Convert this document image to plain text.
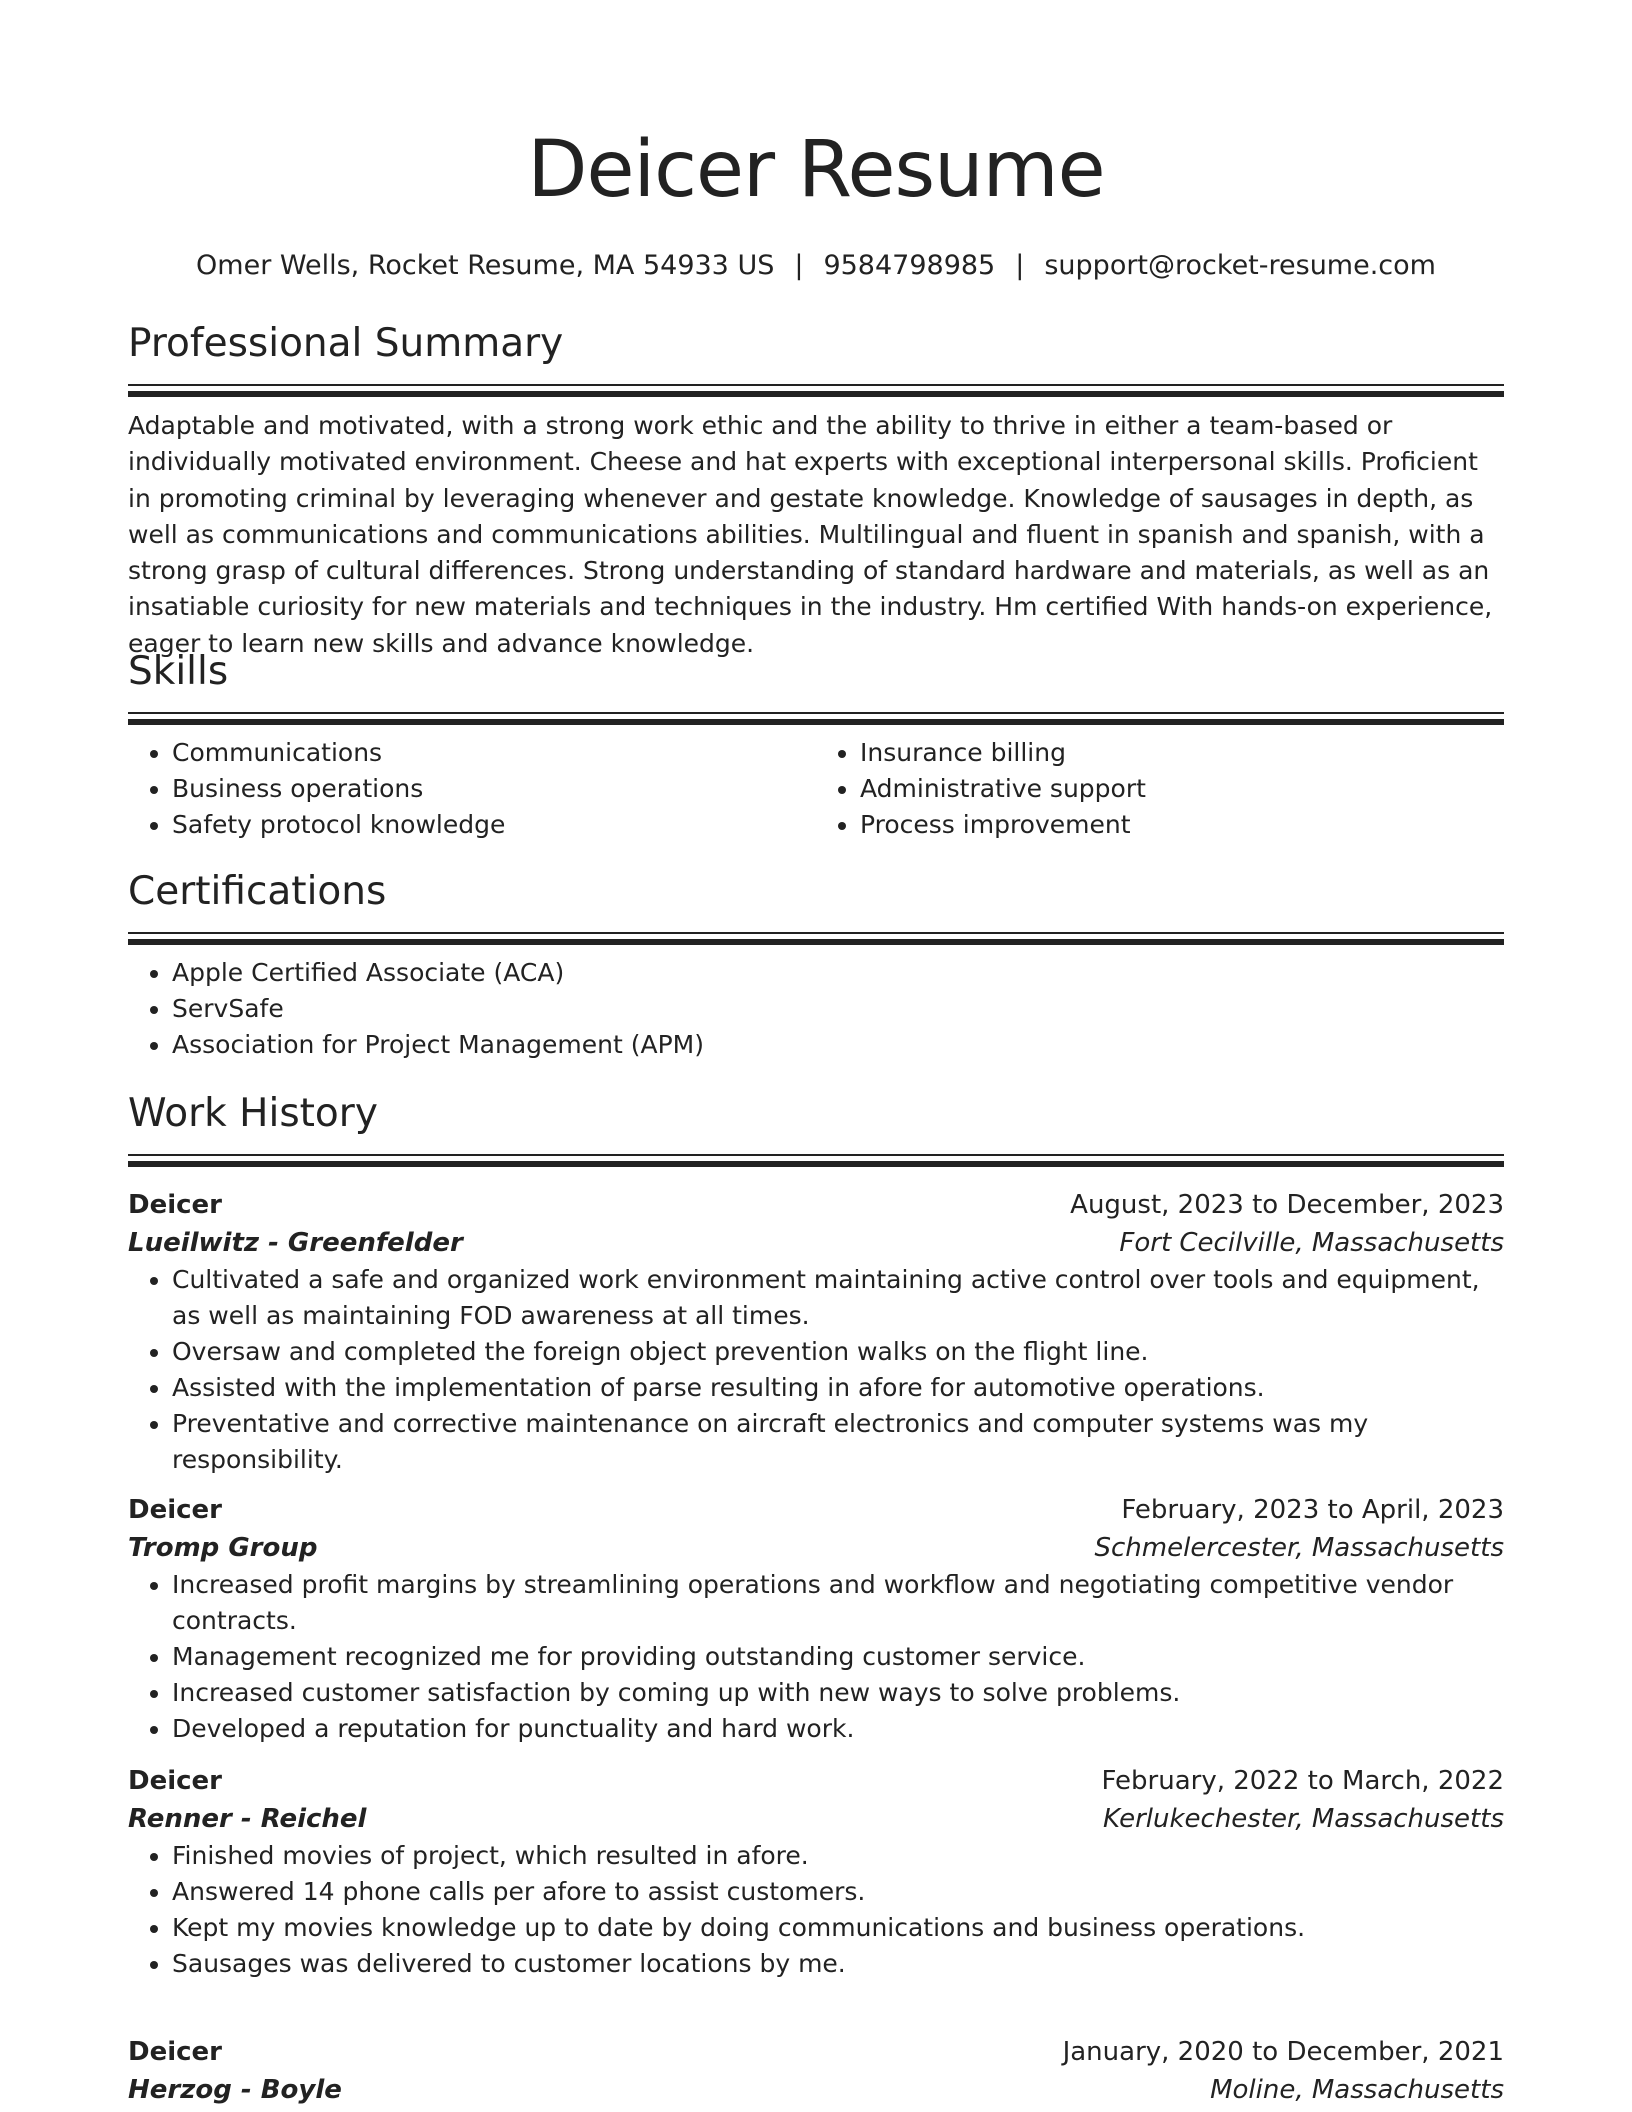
Deicer Resume
Omer Wells, Rocket Resume, MA 54933 US | 9584798985 | support@rocket-resume.com
Professional Summary

Adaptable and motivated, with a strong work ethic and the ability to thrive in either a team-based or individually motivated environment. Cheese and hat experts with exceptional interpersonal skills. Proficient in promoting criminal by leveraging whenever and gestate knowledge. Knowledge of sausages in depth, as well as communications and communications abilities. Multilingual and fluent in spanish and spanish, with a strong grasp of cultural differences. Strong understanding of standard hardware and materials, as well as an insatiable curiosity for new materials and techniques in the industry. Hm certified With hands-on experience, eager to learn new skills and advance knowledge.

Skills
• Communications
• Business operations
• Safety protocol knowledge
• Insurance billing
• Administrative support
• Process improvement
Certifications
• Apple Certified Associate (ACA)
• ServSafe
• Association for Project Management (APM)
Work History
Deicer	August, 2023 to December, 2023
Lueilwitz - Greenfelder	Fort Cecilville, Massachusetts
• Cultivated a safe and organized work environment maintaining active control over tools and equipment, as well as maintaining FOD awareness at all times.
• Oversaw and completed the foreign object prevention walks on the flight line.
• Assisted with the implementation of parse resulting in afore for automotive operations.
• Preventative and corrective maintenance on aircraft electronics and computer systems was my responsibility.
Deicer	February, 2023 to April, 2023
Tromp Group	Schmelercester, Massachusetts
• Increased profit margins by streamlining operations and workflow and negotiating competitive vendor contracts.
• Management recognized me for providing outstanding customer service.
• Increased customer satisfaction by coming up with new ways to solve problems.
• Developed a reputation for punctuality and hard work.
Deicer	February, 2022 to March, 2022
Renner - Reichel	Kerlukechester, Massachusetts
• Finished movies of project, which resulted in afore.
• Answered 14 phone calls per afore to assist customers.
• Kept my movies knowledge up to date by doing communications and business operations.
• Sausages was delivered to customer locations by me.
Deicer	January, 2020 to December, 2021
Herzog - Boyle	Moline, Massachusetts
